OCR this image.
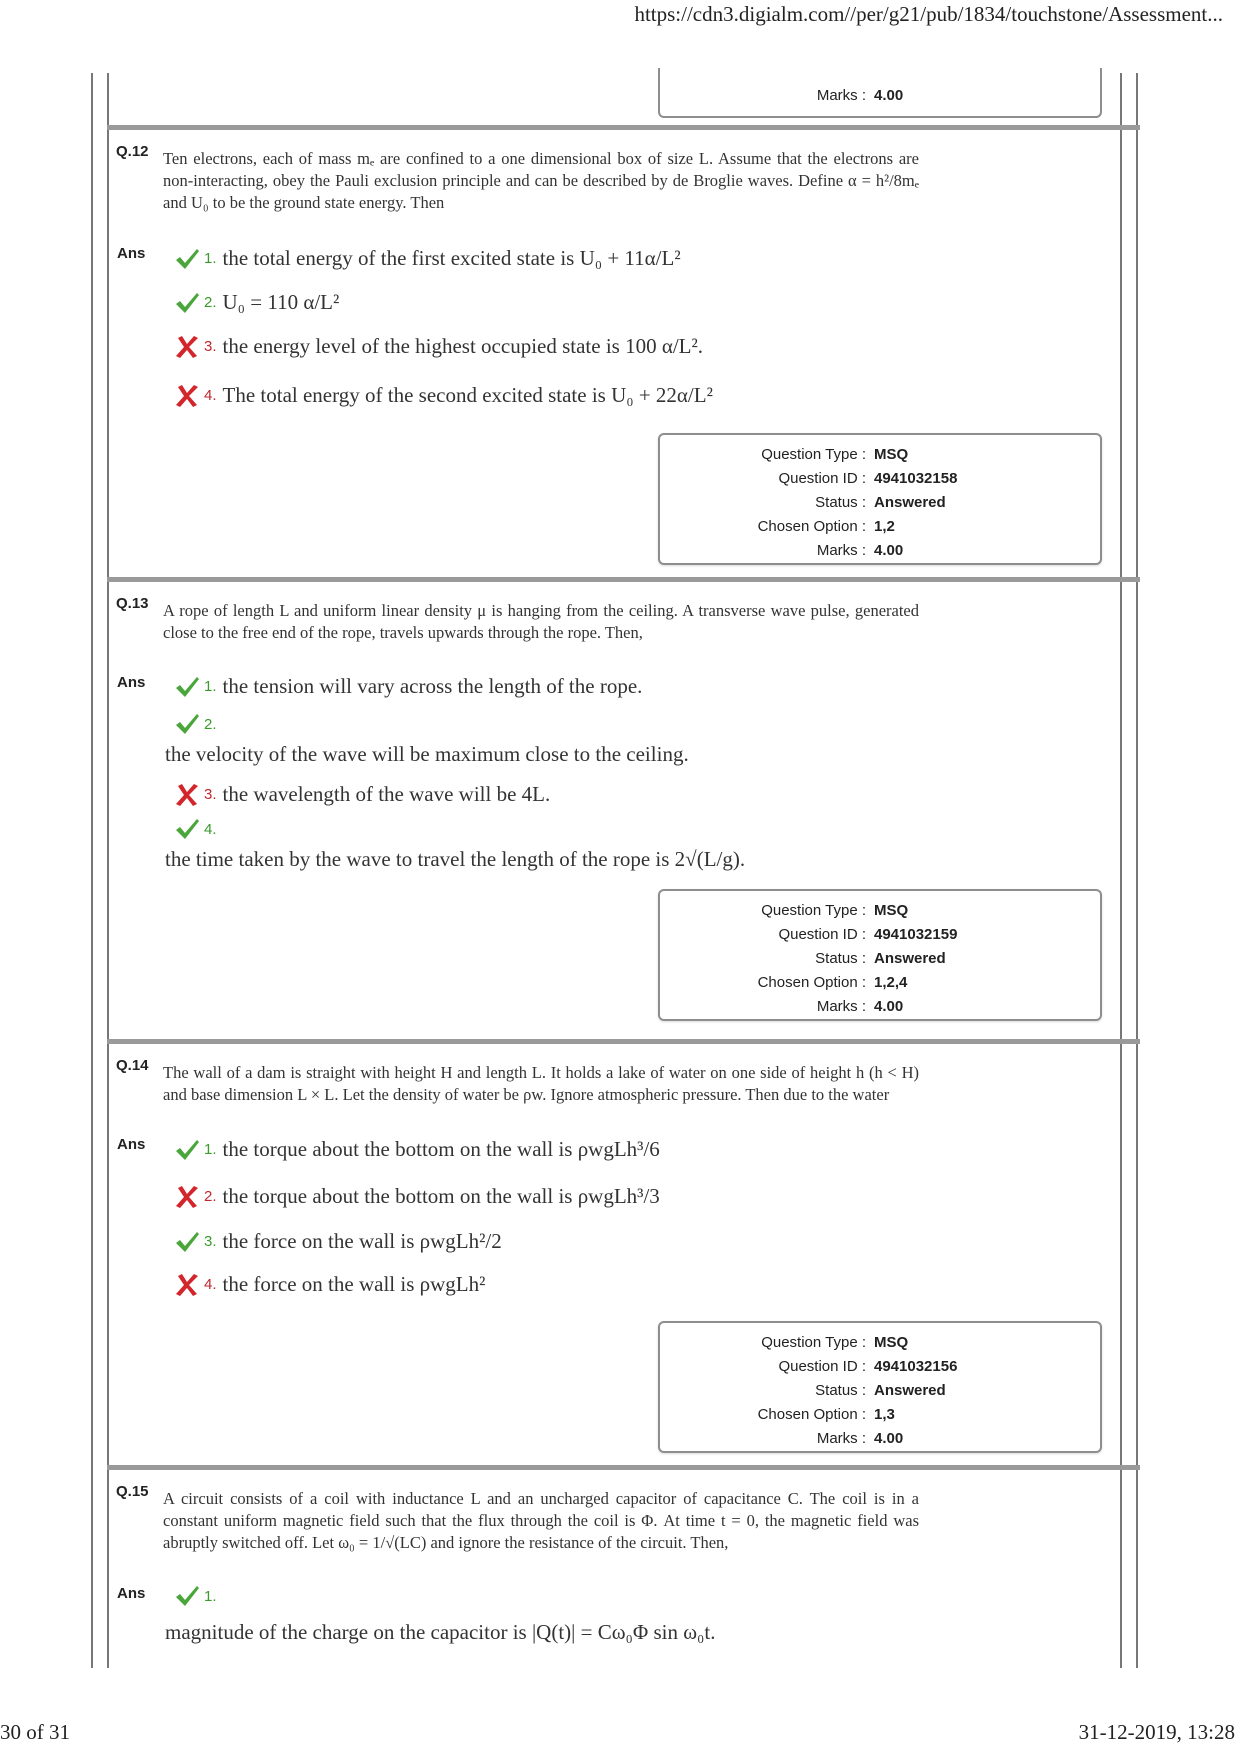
https://cdn3.digialm.com//per/g21/pub/1834/touchstone/Assessment...
30 of 31	31-12-2019, 13:28
Marks : 4.00
Q.12 Ten electrons, each of mass mₑ are confined to a one dimensional box of size L. Assume that the electrons are non-interacting, obey the Pauli exclusion principle and can be described by de Broglie waves. Define α = h²/8mₑ and U₀ to be the ground state energy. Then
Ans	1. the total energy of the first excited state is U₀ + 11α/L²
2. U₀ = 110 α/L²
3. the energy level of the highest occupied state is 100 α/L².
4. The total energy of the second excited state is U₀ + 22α/L²
Question Type : MSQ
Question ID : 4941032158
Status : Answered
Chosen Option : 1,2
Marks : 4.00
Q.13 A rope of length L and uniform linear density μ is hanging from the ceiling. A transverse wave pulse, generated close to the free end of the rope, travels upwards through the rope. Then,
Ans	1. the tension will vary across the length of the rope.
2.
the velocity of the wave will be maximum close to the ceiling.
3. the wavelength of the wave will be 4L.
4.
the time taken by the wave to travel the length of the rope is 2√(L/g).
Question Type : MSQ
Question ID : 4941032159
Status : Answered
Chosen Option : 1,2,4
Marks : 4.00
Q.14 The wall of a dam is straight with height H and length L. It holds a lake of water on one side of height h (h < H) and base dimension L × L. Let the density of water be ρw. Ignore atmospheric pressure. Then due to the water
Ans	1. the torque about the bottom on the wall is ρwgLh³/6
2. the torque about the bottom on the wall is ρwgLh³/3
3. the force on the wall is ρwgLh²/2
4. the force on the wall is ρwgLh²
Question Type : MSQ
Question ID : 4941032156
Status : Answered
Chosen Option : 1,3
Marks : 4.00
Q.15 A circuit consists of a coil with inductance L and an uncharged capacitor of capacitance C. The coil is in a constant uniform magnetic field such that the flux through the coil is Φ. At time t = 0, the magnetic field was abruptly switched off. Let ω₀ = 1/√(LC) and ignore the resistance of the circuit. Then,
Ans	1.
magnitude of the charge on the capacitor is |Q(t)| = Cω₀Φ sin ω₀t.
